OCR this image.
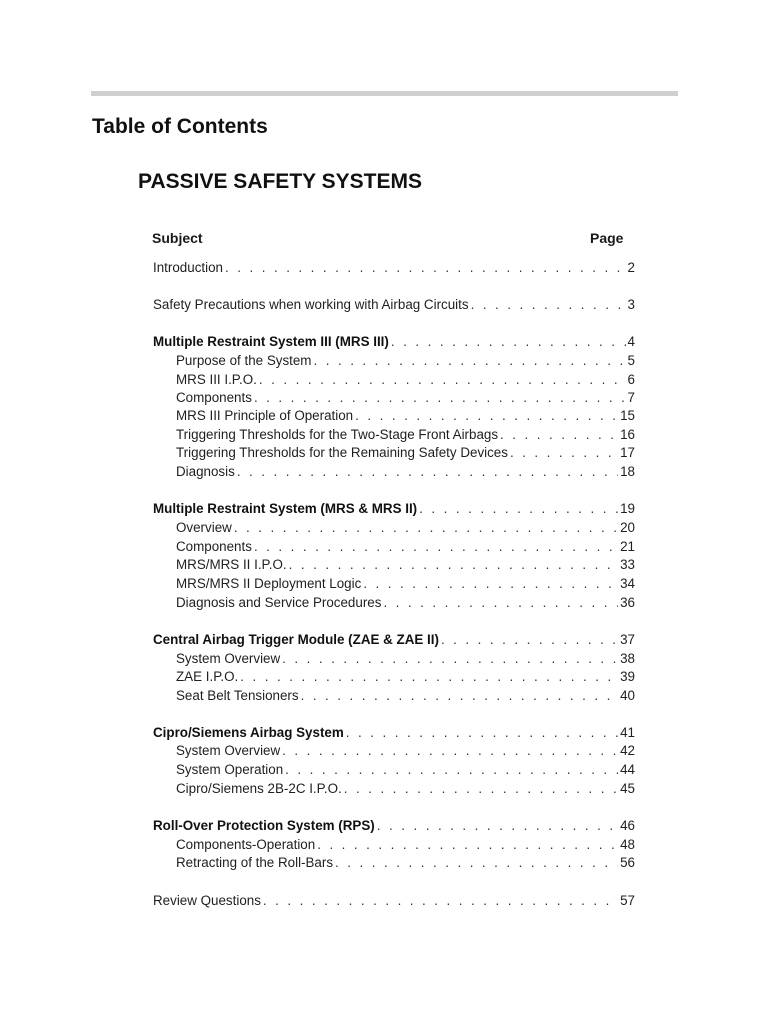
Table of Contents
PASSIVE SAFETY SYSTEMS
Subject	Page
Introduction . . .	2
Safety Precautions when working with Airbag Circuits . . .	3
Multiple Restraint System III (MRS III) . . .	4
Purpose of the System . . .	5
MRS III I.P.O. . . .	6
Components . . .	7
MRS III Principle of Operation . . .	15
Triggering Thresholds for the Two-Stage Front Airbags . . .	16
Triggering Thresholds for the Remaining Safety Devices . . .	17
Diagnosis . . .	18
Multiple Restraint System (MRS & MRS II) . . .	19
Overview . . .	20
Components . . .	21
MRS/MRS II I.P.O. . . .	33
MRS/MRS II Deployment Logic . . .	34
Diagnosis and Service Procedures . . .	36
Central Airbag Trigger Module (ZAE & ZAE II) . . .	37
System Overview . . .	38
ZAE I.P.O. . . .	39
Seat Belt Tensioners . . .	40
Cipro/Siemens Airbag System . . .	41
System Overview . . .	42
System Operation . . .	44
Cipro/Siemens 2B-2C I.P.O. . . .	45
Roll-Over Protection System (RPS) . . .	46
Components-Operation . . .	48
Retracting of the Roll-Bars . . .	56
Review Questions . . .	57
